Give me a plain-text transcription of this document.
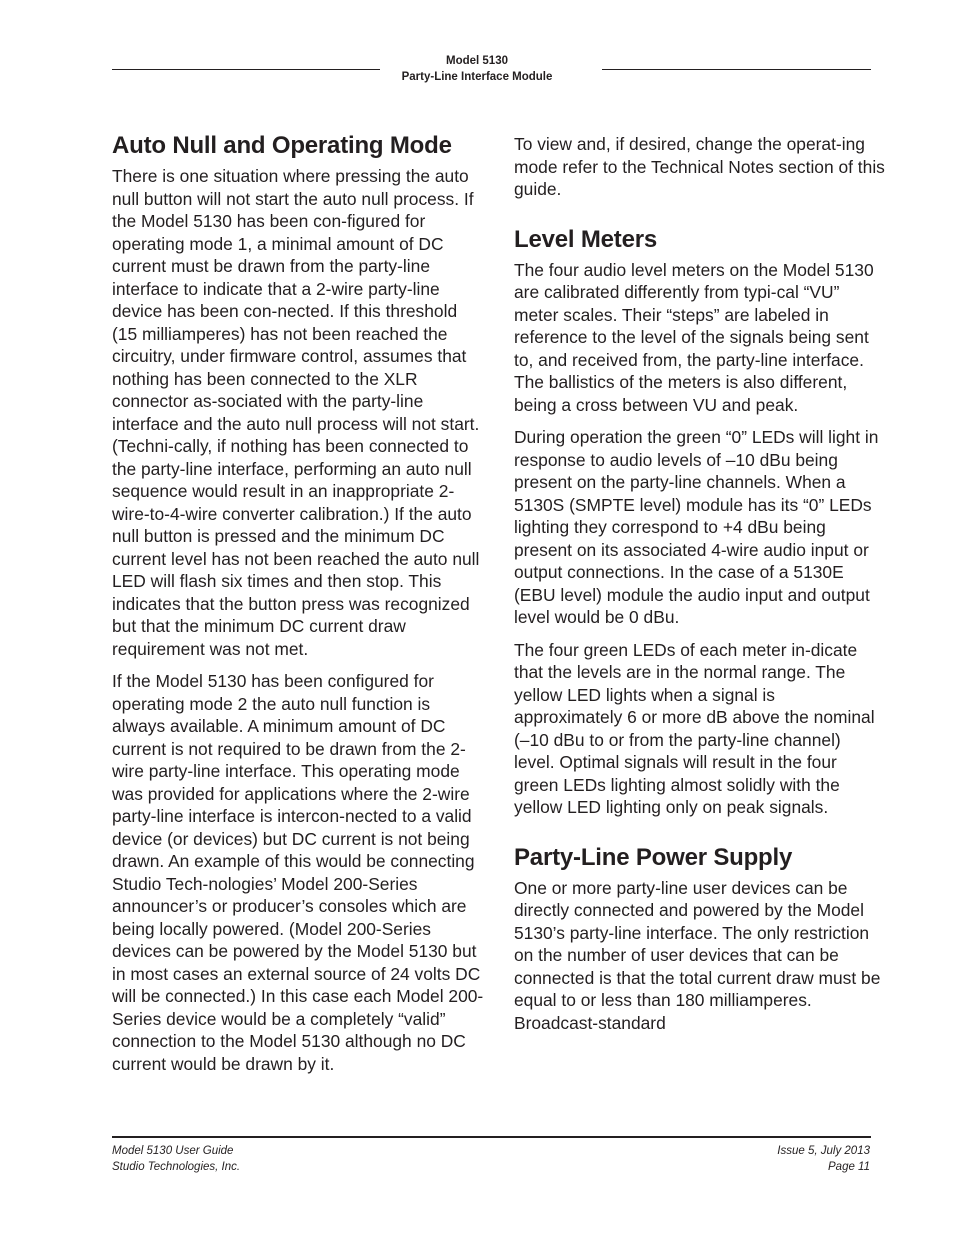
Model 5130
Party-Line Interface Module
Auto Null and Operating Mode

There is one situation where pressing the auto null button will not start the auto null process. If the Model 5130 has been con-figured for operating mode 1, a minimal amount of DC current must be drawn from the party-line interface to indicate that a 2-wire party-line device has been con-nected. If this threshold (15 milliamperes) has not been reached the circuitry, under firmware control, assumes that nothing has been connected to the XLR connector as-sociated with the party-line interface and the auto null process will not start. (Techni-cally, if nothing has been connected to the party-line interface, performing an auto null sequence would result in an inappropriate 2-wire-to-4-wire converter calibration.) If the auto null button is pressed and the minimum DC current level has not been reached the auto null LED will flash six times and then stop. This indicates that the button press was recognized but that the minimum DC current draw requirement was not met.

If the Model 5130 has been configured for operating mode 2 the auto null function is always available. A minimum amount of DC current is not required to be drawn from the 2-wire party-line interface. This operating mode was provided for applications where the 2-wire party-line interface is intercon-nected to a valid device (or devices) but DC current is not being drawn. An example of this would be connecting Studio Tech-nologies’ Model 200-Series announcer’s or producer’s consoles which are being locally powered. (Model 200-Series devices can be powered by the Model 5130 but in most cases an external source of 24 volts DC will be connected.) In this case each Model 200-Series device would be a completely “valid” connection to the Model 5130 although no DC current would be drawn by it.

To view and, if desired, change the operat-ing mode refer to the Technical Notes section of this guide.

Level Meters

The four audio level meters on the Model 5130 are calibrated differently from typi-cal “VU” meter scales. Their “steps” are labeled in reference to the level of the signals being sent to, and received from, the party-line interface. The ballistics of the meters is also different, being a cross between VU and peak.

During operation the green “0” LEDs will light in response to audio levels of –10 dBu being present on the party-line channels. When a 5130S (SMPTE level) module has its “0” LEDs lighting they correspond to +4 dBu being present on its associated 4-wire audio input or output connections. In the case of a 5130E (EBU level) module the audio input and output level would be 0 dBu.

The four green LEDs of each meter in-dicate that the levels are in the normal range. The yellow LED lights when a signal is approximately 6 or more dB above the nominal (–10 dBu to or from the party-line channel) level. Optimal signals will result in the four green LEDs lighting almost solidly with the yellow LED lighting only on peak signals.

Party-Line Power Supply

One or more party-line user devices can be directly connected and powered by the Model 5130’s party-line interface. The only restriction on the number of user devices that can be connected is that the total current draw must be equal to or less than 180 milliamperes. Broadcast-standard

Model 5130 User Guide
Studio Technologies, Inc.
Issue 5, July 2013
Page 11
